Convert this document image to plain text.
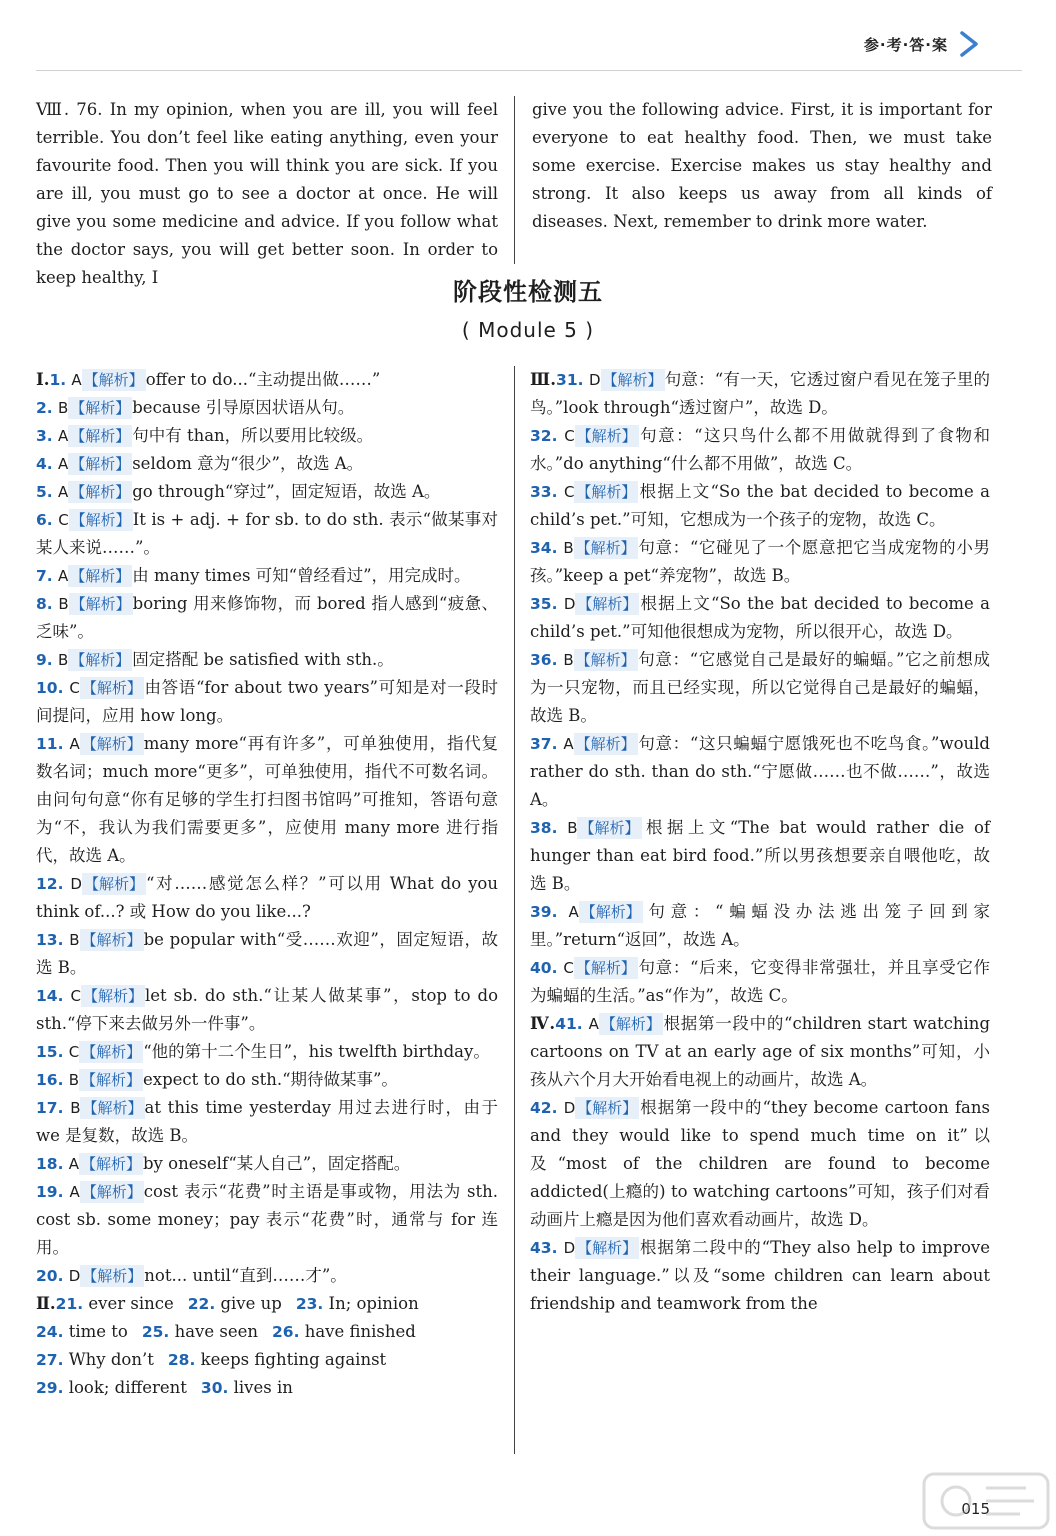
参·考·答·案
Ⅷ. 76. In my opinion, when you are ill, you will feel terrible. You don’t feel like eating anything, even your favourite food. Then you will think you are sick. If you are ill, you must go to see a doctor at once. He will give you some medicine and advice. If you follow what the doctor says, you will get better soon. In order to keep healthy, I
give you the following advice. First, it is important for everyone to eat healthy food. Then, we must take some exercise. Exercise makes us stay healthy and strong. It also keeps us away from all kinds of diseases. Next, remember to drink more water.
阶段性检测五
( Module 5 )
Ⅰ.1. A 【解析】 offer to do...“主动提出做……”
2. B 【解析】 because 引导原因状语从句。
3. A 【解析】 句中有 than，所以要用比较级。
4. A 【解析】 seldom 意为“很少”，故选 A。
5. A 【解析】 go through“穿过”，固定短语，故选 A。
6. C 【解析】 It is + adj. + for sb. to do sth. 表示“做某事对某人来说……”。
7. A 【解析】 由 many times 可知“曾经看过”，用完成时。
8. B 【解析】 boring 用来修饰物，而 bored 指人感到“疲惫、乏味”。
9. B 【解析】 固定搭配 be satisfied with sth.。
10. C 【解析】 由答语“for about two years”可知是对一段时间提问，应用 how long。
11. A 【解析】 many more“再有许多”，可单独使用，指代复数名词；much more“更多”，可单独使用，指代不可数名词。由问句句意“你有足够的学生打扫图书馆吗”可推知，答语句意为“不，我认为我们需要更多”，应使用 many more 进行指代，故选 A。
12. D 【解析】 “对……感觉怎么样？”可以用 What do you think of...? 或 How do you like...?
13. B 【解析】 be popular with“受……欢迎”，固定短语，故选 B。
14. C 【解析】 let sb. do sth.“让某人做某事”，stop to do sth.“停下来去做另外一件事”。
15. C 【解析】 “他的第十二个生日”，his twelfth birthday。
16. B 【解析】 expect to do sth.“期待做某事”。
17. B 【解析】 at this time yesterday 用过去进行时，由于 we 是复数，故选 B。
18. A 【解析】 by oneself“某人自己”，固定搭配。
19. A 【解析】 cost 表示“花费”时主语是事或物，用法为 sth. cost sb. some money；pay 表示“花费”时，通常与 for 连用。
20. D 【解析】 not... until“直到……才”。
Ⅱ.21. ever since 22. give up 23. In; opinion
24. time to 25. have seen 26. have finished
27. Why don’t 28. keeps fighting against
29. look; different 30. lives in
Ⅲ.31. D 【解析】 句意：“有一天，它透过窗户看见在笼子里的鸟。”look through“透过窗户”，故选 D。
32. C 【解析】 句意：“这只鸟什么都不用做就得到了食物和水。”do anything“什么都不用做”，故选 C。
33. C 【解析】 根据上文“So the bat decided to become a child’s pet.”可知，它想成为一个孩子的宠物，故选 C。
34. B 【解析】 句意：“它碰见了一个愿意把它当成宠物的小男孩。”keep a pet“养宠物”，故选 B。
35. D 【解析】 根据上文“So the bat decided to become a child’s pet.”可知他很想成为宠物，所以很开心，故选 D。
36. B 【解析】 句意：“它感觉自己是最好的蝙蝠。”它之前想成为一只宠物，而且已经实现，所以它觉得自己是最好的蝙蝠，故选 B。
37. A 【解析】 句意：“这只蝙蝠宁愿饿死也不吃鸟食。”would rather do sth. than do sth.“宁愿做……也不做……”，故选 A。
38. B 【解析】 根据上文“The bat would rather die of hunger than eat bird food.”所以男孩想要亲自喂他吃，故选 B。
39. A 【解析】 句意：“蝙蝠没办法逃出笼子回到家里。”return“返回”，故选 A。
40. C 【解析】 句意：“后来，它变得非常强壮，并且享受它作为蝙蝠的生活。”as“作为”，故选 C。
Ⅳ.41. A 【解析】 根据第一段中的“children start watching cartoons on TV at an early age of six months”可知，小孩从六个月大开始看电视上的动画片，故选 A。
42. D 【解析】 根据第一段中的“they become cartoon fans and they would like to spend much time on it”以及“most of the children are found to become addicted(上瘾的) to watching cartoons”可知，孩子们对看动画片上瘾是因为他们喜欢看动画片，故选 D。
43. D 【解析】 根据第二段中的“They also help to improve their language.”以及“some children can learn about friendship and teamwork from the
015
